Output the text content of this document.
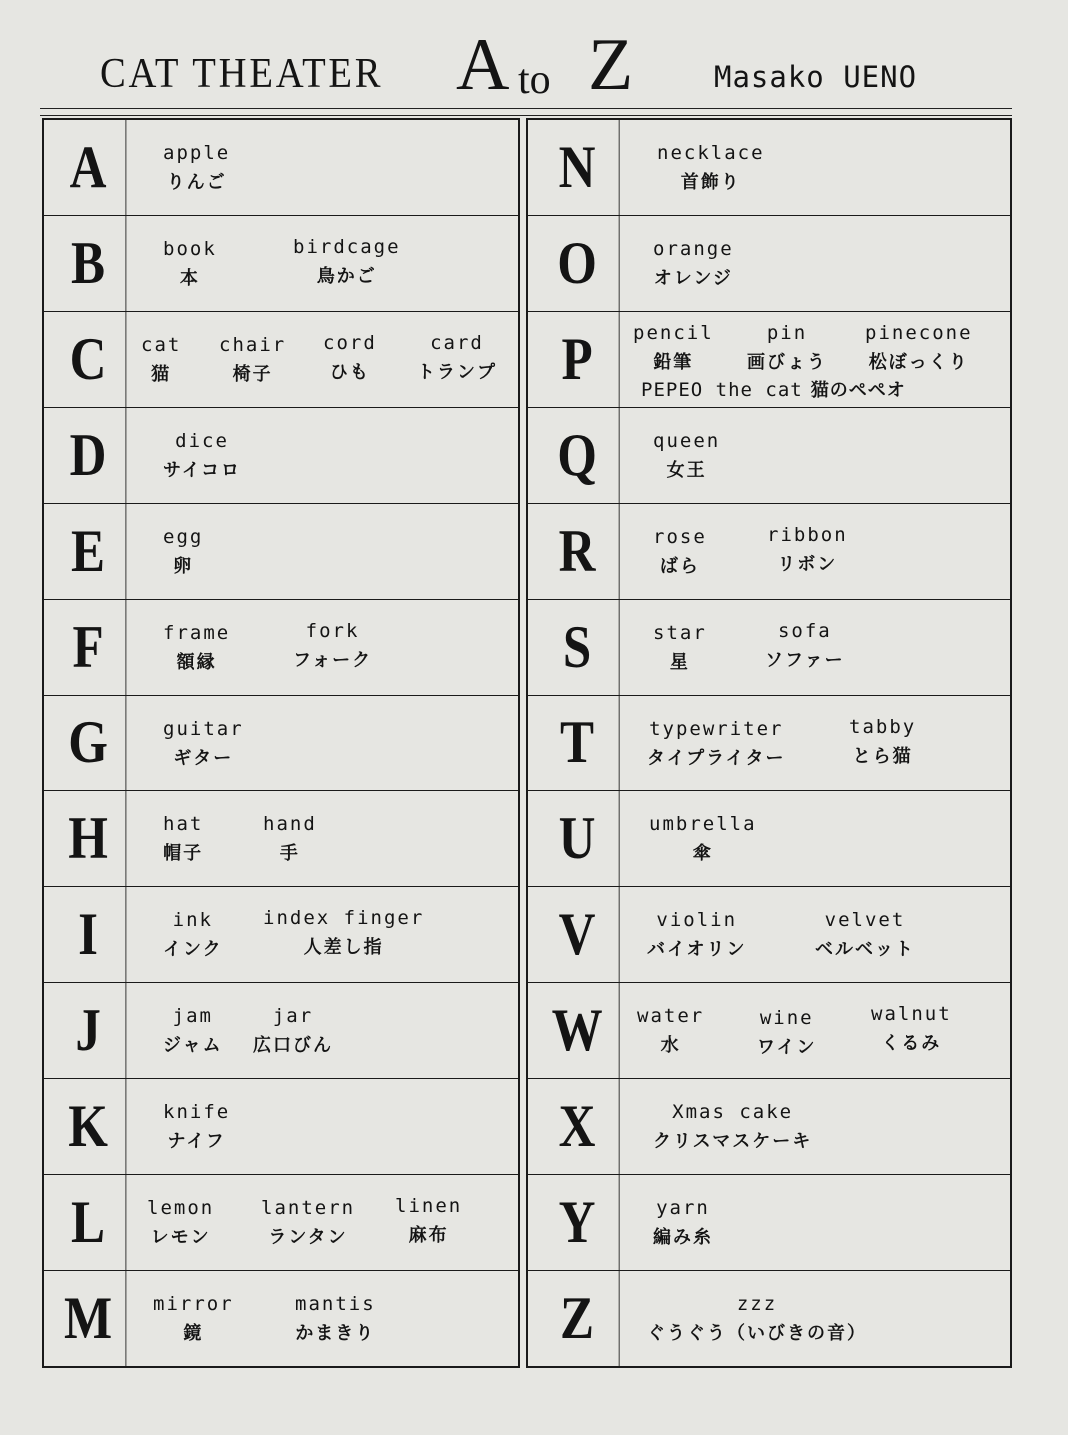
CAT THEATER A to Z	Masako UENO
A	apple
りんご
B	book
本
birdcage
鳥かご
C	cat
猫
chair
椅子
cord
ひも
card
トランプ
D	dice
サイコロ
E	egg
卵
F	frame
額縁
fork
フォーク
G	guitar
ギター
H	hat
帽子
hand
手
I	ink
インク
index finger
人差し指
J	jam
ジャム
jar
広口びん
K	knife
ナイフ
L	lemon
レモン
lantern
ランタン
linen
麻布
M	mirror
鏡
mantis
かまきり
N	necklace
首飾り
O	orange
オレンジ
P	pencil
鉛筆
pin
画びょう
pinecone
松ぼっくり
PEPEO the cat 猫のペペオ
Q	queen
女王
R	rose
ばら
ribbon
リボン
S	star
星
sofa
ソファー
T	typewriter
タイプライター
tabby
とら猫
U	umbrella
傘
V	violin
バイオリン
velvet
ベルベット
W	water
水
wine
ワイン
walnut
くるみ
X	Xmas cake
クリスマスケーキ
Y	yarn
編み糸
Z	zzz
ぐうぐう（いびきの音）
